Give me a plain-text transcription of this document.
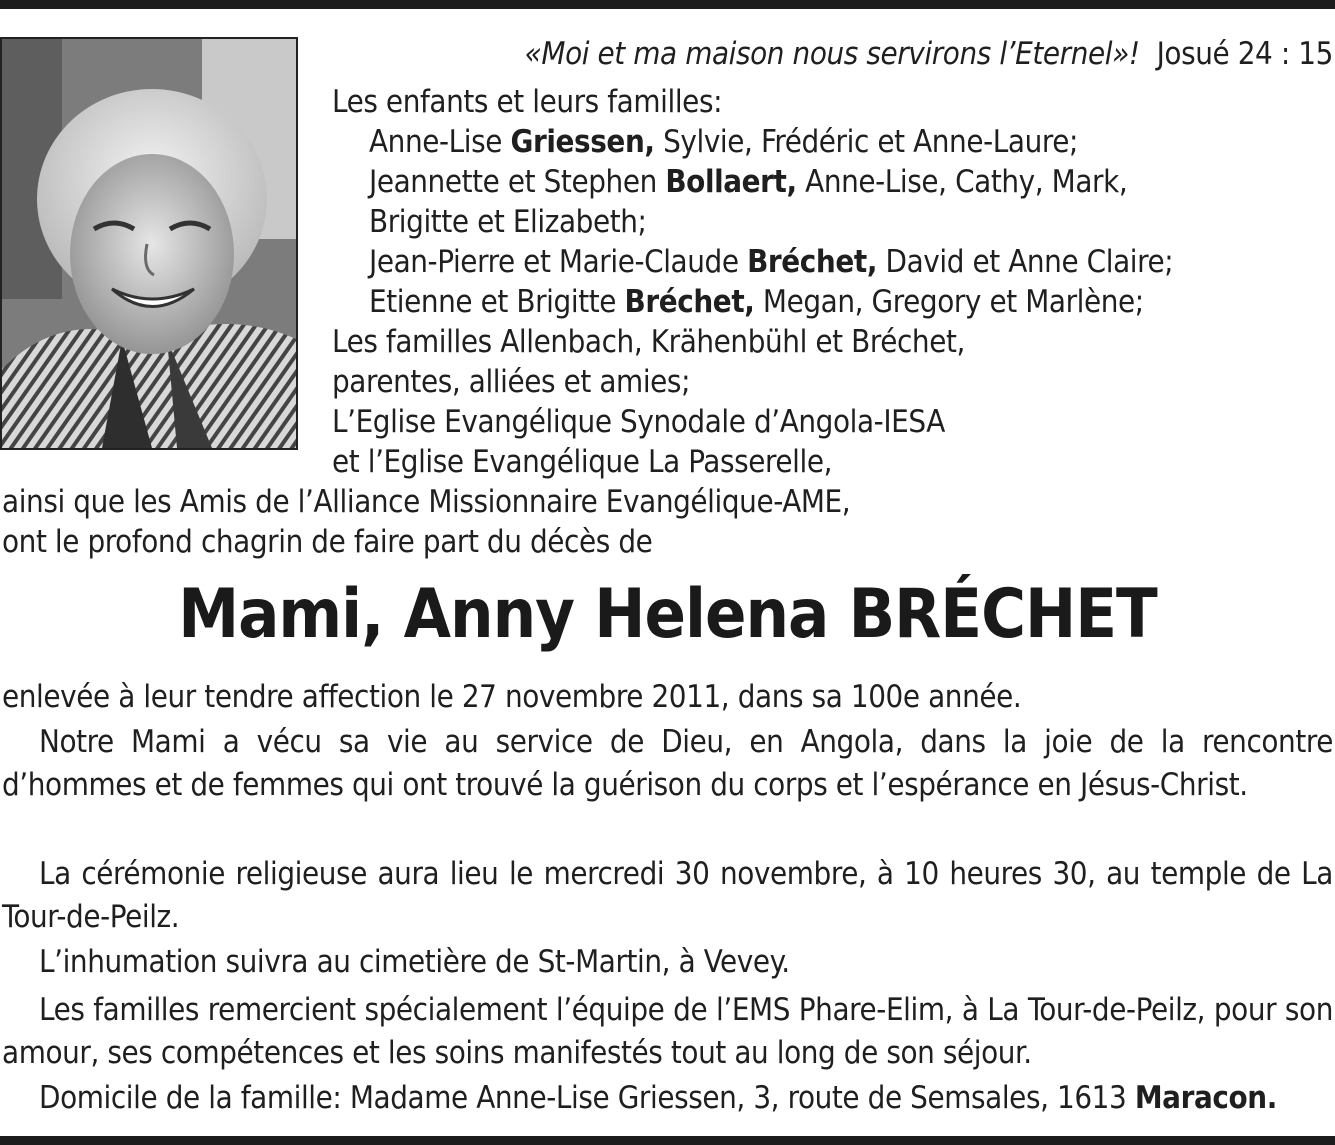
«Moi et ma maison nous servirons l’Eternel»! Josué 24 : 15
Les enfants et leurs familles:
Anne-Lise Griessen, Sylvie, Frédéric et Anne-Laure;
Jeannette et Stephen Bollaert, Anne-Lise, Cathy, Mark,
Brigitte et Elizabeth;
Jean-Pierre et Marie-Claude Bréchet, David et Anne Claire;
Etienne et Brigitte Bréchet, Megan, Gregory et Marlène;
Les familles Allenbach, Krähenbühl et Bréchet,
parentes, alliées et amies;
L’Eglise Evangélique Synodale d’Angola-IESA
et l’Eglise Evangélique La Passerelle,
ainsi que les Amis de l’Alliance Missionnaire Evangélique-AME,
ont le profond chagrin de faire part du décès de
Mami, Anny Helena BRÉCHET
enlevée à leur tendre affection le 27 novembre 2011, dans sa 100e année.
Notre Mami a vécu sa vie au service de Dieu, en Angola, dans la joie de la rencontre d’hommes et de femmes qui ont trouvé la guérison du corps et l’espérance en Jésus-Christ.
La cérémonie religieuse aura lieu le mercredi 30 novembre, à 10 heures 30, au temple de La Tour-de-Peilz.
L’inhumation suivra au cimetière de St-Martin, à Vevey.
Les familles remercient spécialement l’équipe de l’EMS Phare-Elim, à La Tour-de-Peilz, pour son amour, ses compétences et les soins manifestés tout au long de son séjour.
Domicile de la famille: Madame Anne-Lise Griessen, 3, route de Semsales, 1613 Maracon.
